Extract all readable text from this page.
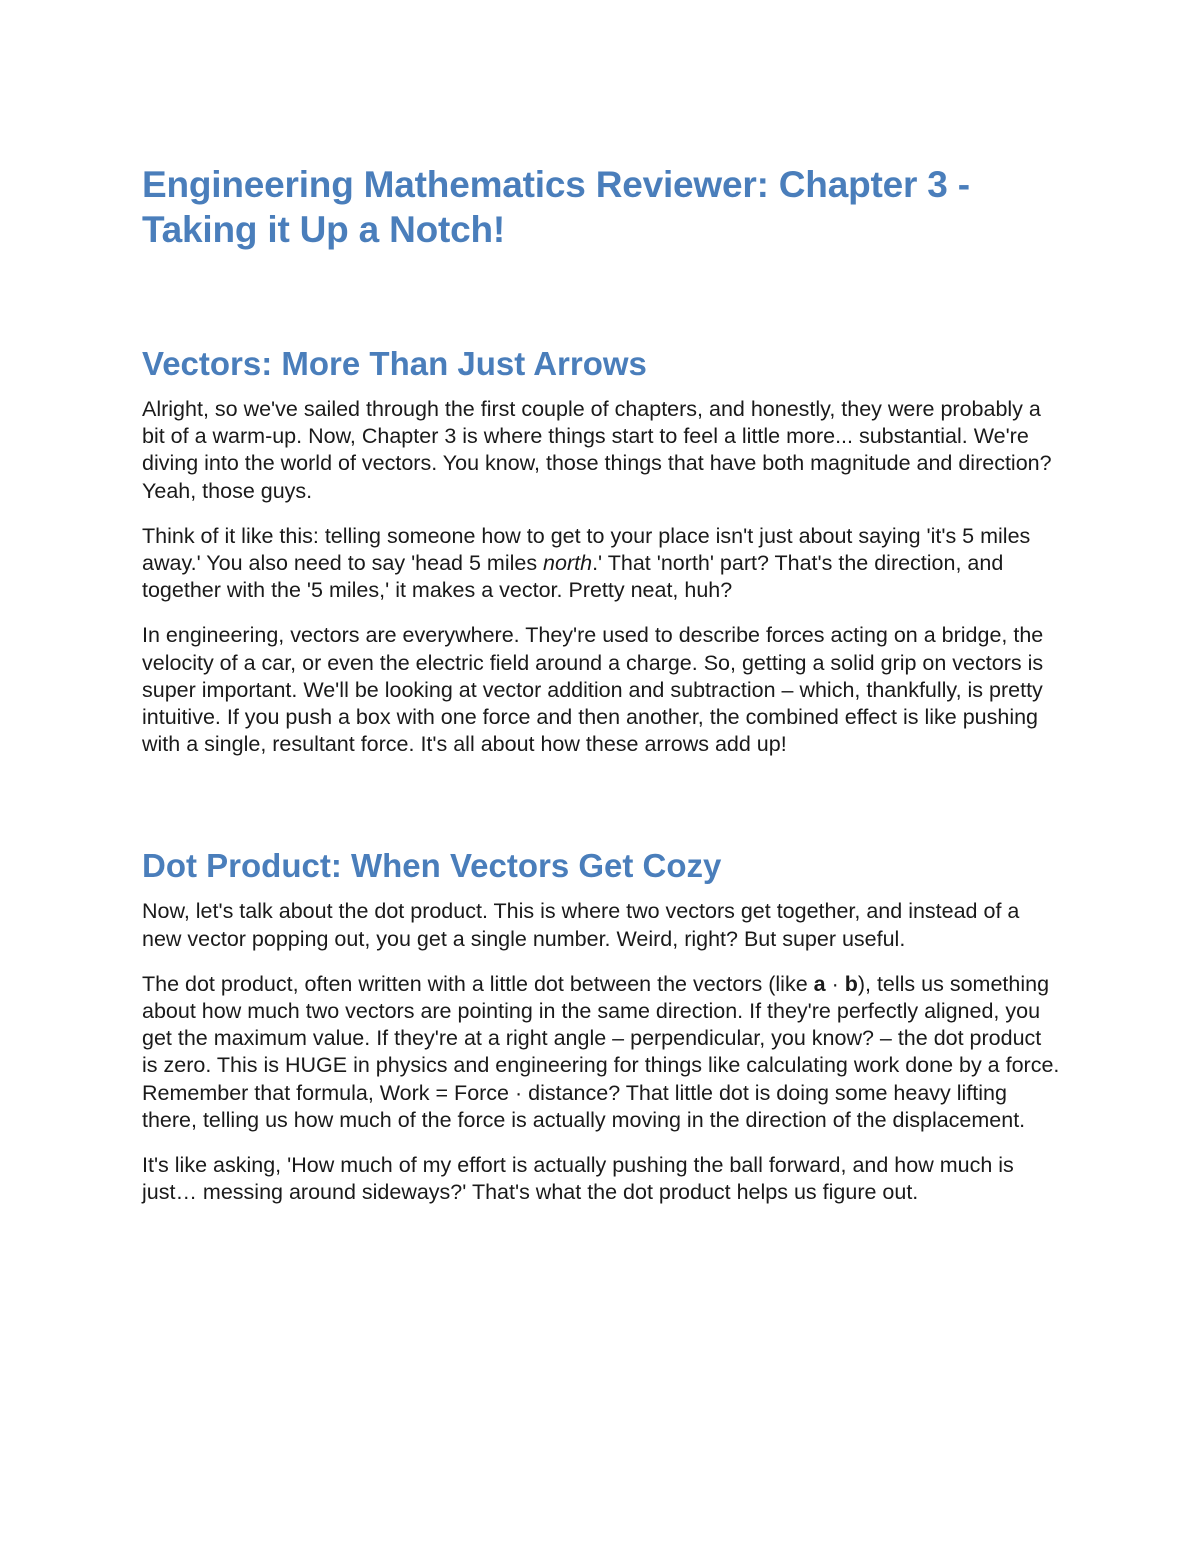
Engineering Mathematics Reviewer: Chapter 3 - Taking it Up a Notch!
Vectors: More Than Just Arrows

Alright, so we've sailed through the first couple of chapters, and honestly, they were probably a bit of a warm-up. Now, Chapter 3 is where things start to feel a little more... substantial. We're diving into the world of vectors. You know, those things that have both magnitude and direction? Yeah, those guys.

Think of it like this: telling someone how to get to your place isn't just about saying 'it's 5 miles away.' You also need to say 'head 5 miles north.' That 'north' part? That's the direction, and together with the '5 miles,' it makes a vector. Pretty neat, huh?

In engineering, vectors are everywhere. They're used to describe forces acting on a bridge, the velocity of a car, or even the electric field around a charge. So, getting a solid grip on vectors is super important. We'll be looking at vector addition and subtraction – which, thankfully, is pretty intuitive. If you push a box with one force and then another, the combined effect is like pushing with a single, resultant force. It's all about how these arrows add up!

Dot Product: When Vectors Get Cozy

Now, let's talk about the dot product. This is where two vectors get together, and instead of a new vector popping out, you get a single number. Weird, right? But super useful.

The dot product, often written with a little dot between the vectors (like a · b), tells us something about how much two vectors are pointing in the same direction. If they're perfectly aligned, you get the maximum value. If they're at a right angle – perpendicular, you know? – the dot product is zero. This is HUGE in physics and engineering for things like calculating work done by a force. Remember that formula, Work = Force · distance? That little dot is doing some heavy lifting there, telling us how much of the force is actually moving in the direction of the displacement.

It's like asking, 'How much of my effort is actually pushing the ball forward, and how much is just… messing around sideways?' That's what the dot product helps us figure out.
